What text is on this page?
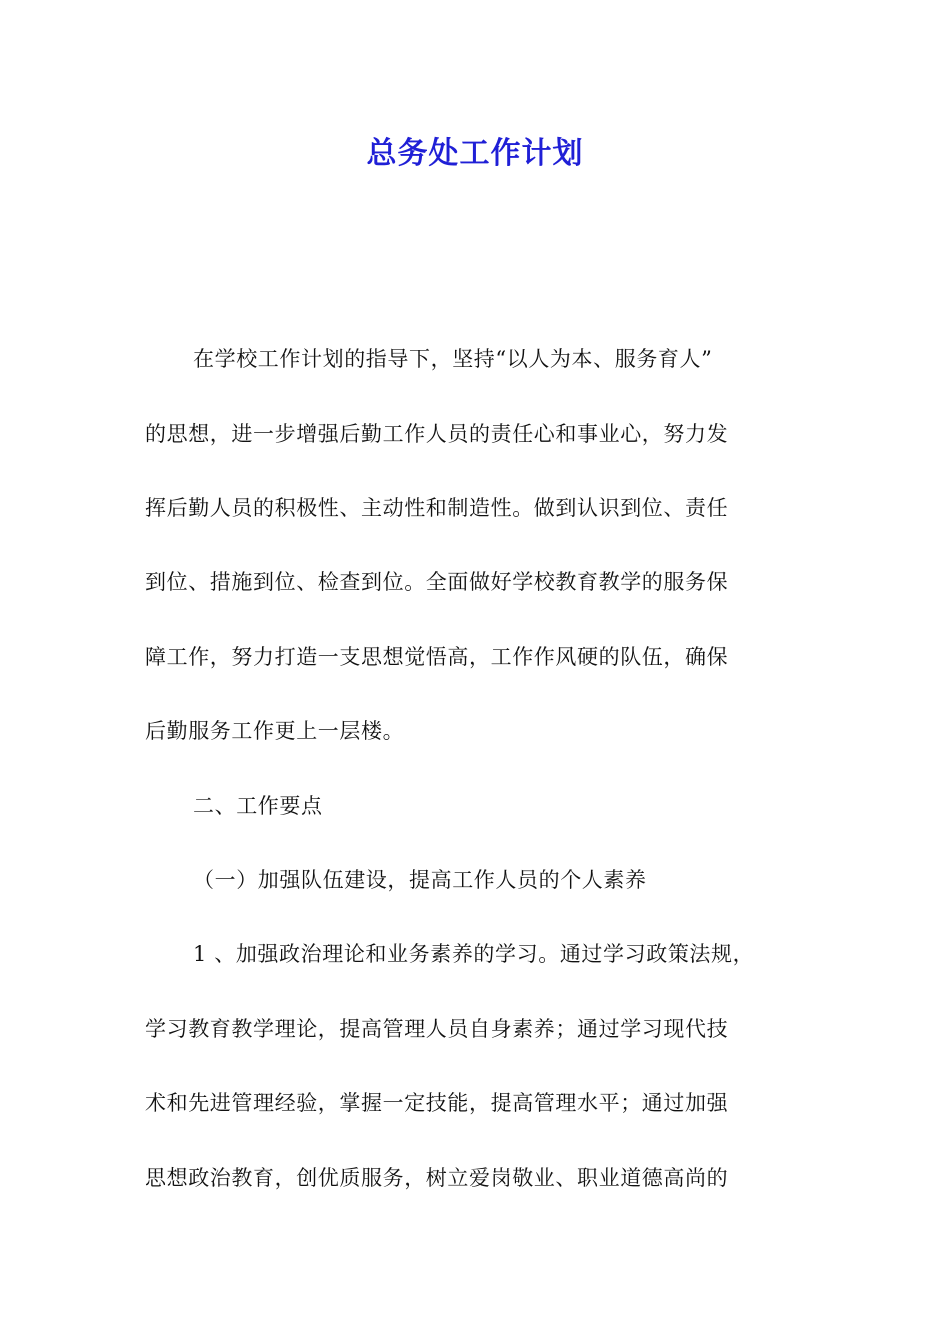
总务处工作计划
在学校工作计划的指导下，坚持“以人为本、服务育人”
的思想，进一步增强后勤工作人员的责任心和事业心，努力发
挥后勤人员的积极性、主动性和制造性。做到认识到位、责任
到位、措施到位、检查到位。全面做好学校教育教学的服务保
障工作，努力打造一支思想觉悟高，工作作风硬的队伍，确保
后勤服务工作更上一层楼。
二、工作要点
（一）加强队伍建设，提高工作人员的个人素养
1 、加强政治理论和业务素养的学习。通过学习政策法规，
学习教育教学理论，提高管理人员自身素养；通过学习现代技
术和先进管理经验，掌握一定技能，提高管理水平；通过加强
思想政治教育，创优质服务，树立爱岗敬业、职业道德高尚的
